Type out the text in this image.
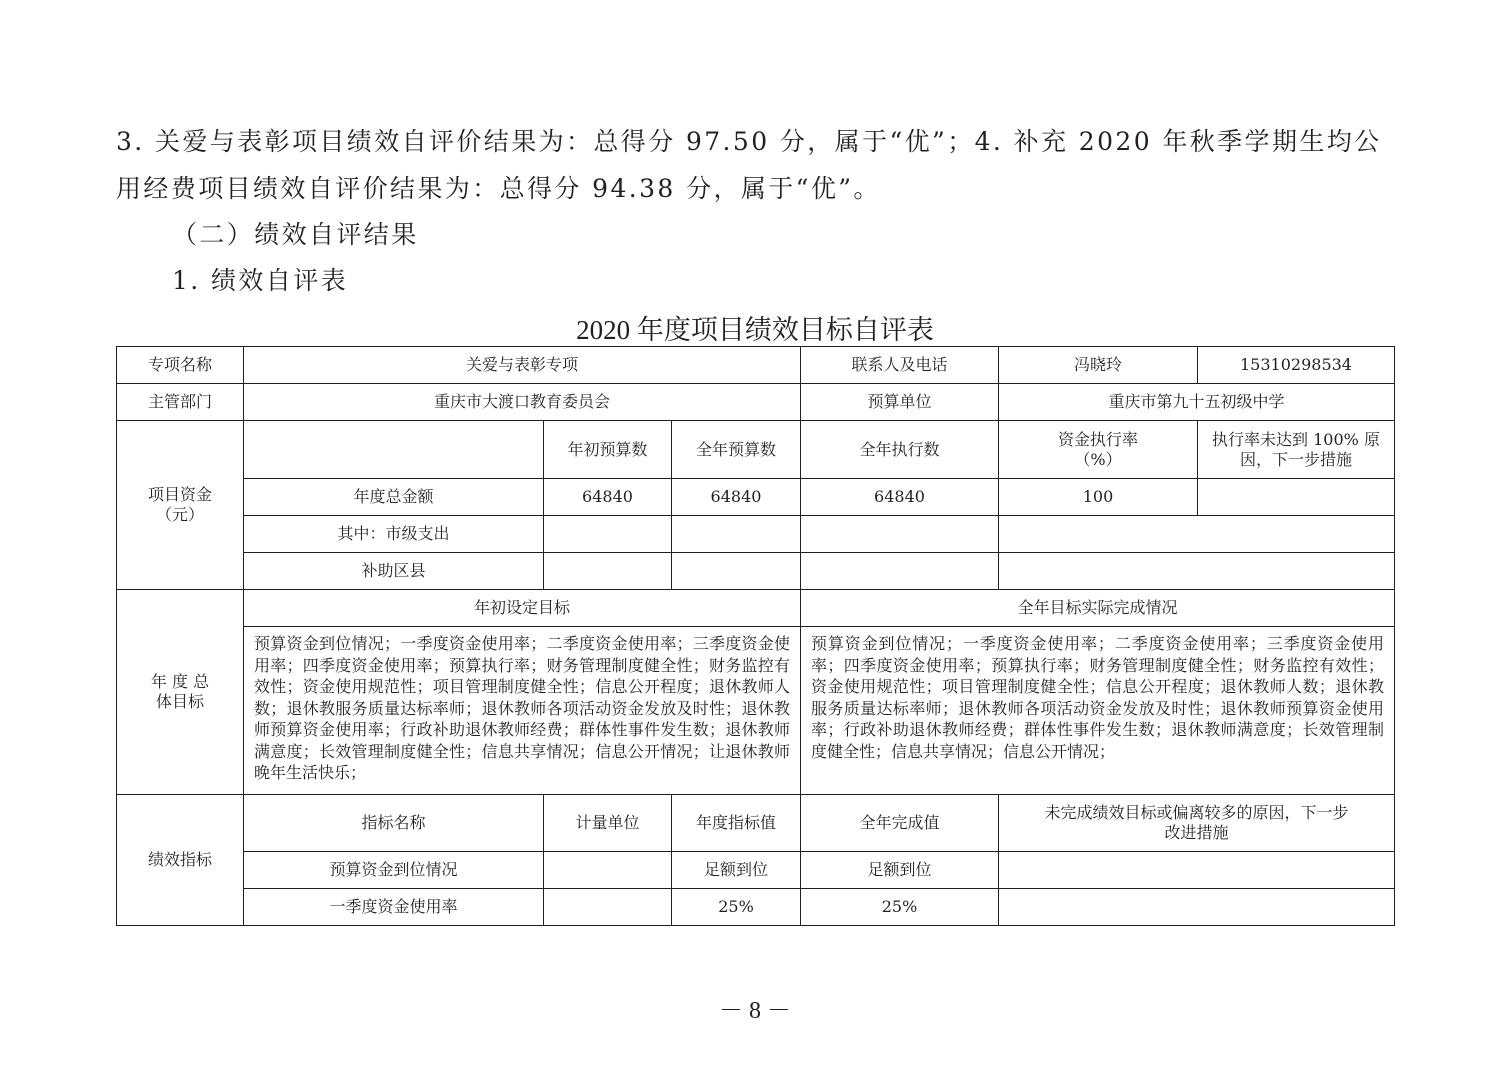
3. 关爱与表彰项目绩效自评价结果为：总得分 97.50 分，属于“优”；4. 补充 2020 年秋季学期生均公
用经费项目绩效自评价结果为：总得分 94.38 分，属于“优”。
（二）绩效自评结果
1. 绩效自评表
2020 年度项目绩效目标自评表
专项名称	关爱与表彰专项			联系人及电话	冯晓玲	15310298534
主管部门	重庆市大渡口教育委员会			预算单位	重庆市第九十五初级中学	
项目资金（元）		年初预算数	全年预算数	全年执行数	资金执行率（%）	执行率未达到 100% 原因，下一步措施
	年度总金额	64840	64840	64840	100	
	其中：市级支出					
	补助区县					
年 度 总体目标	年初设定目标			全年目标实际完成情况		
	预算资金到位情况；一季度资金使用率；二季度资金使用率；三季度资金使用率；四季度资金使用率；预算执行率；财务管理制度健全性；财务监控有效性；资金使用规范性；项目管理制度健全性；信息公开程度；退休教师人数；退休教服务质量达标率师；退休教师各项活动资金发放及时性；退休教师预算资金使用率；行政补助退休教师经费；群体性事件发生数；退休教师满意度；长效管理制度健全性；信息共享情况；信息公开情况；让退休教师晚年生活快乐；			预算资金到位情况；一季度资金使用率；二季度资金使用率；三季度资金使用率；四季度资金使用率；预算执行率；财务管理制度健全性；财务监控有效性；资金使用规范性；项目管理制度健全性；信息公开程度；退休教师人数；退休教服务质量达标率师；退休教师各项活动资金发放及时性；退休教师预算资金使用率；行政补助退休教师经费；群体性事件发生数；退休教师满意度；长效管理制度健全性；信息共享情况；信息公开情况；		
绩效指标	指标名称	计量单位	年度指标值	全年完成值	未完成绩效目标或偏离较多的原因，下一步改进措施	
	预算资金到位情况		足额到位	足额到位		
	一季度资金使用率		25%	25%		
－ 8 －
